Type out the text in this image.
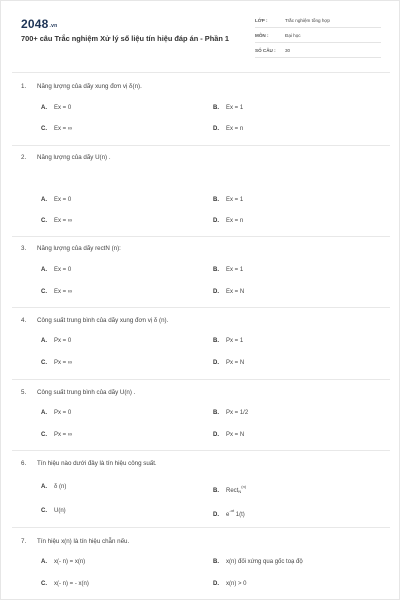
2048.vn
700+ câu Trắc nghiệm Xử lý số liệu tín hiệu đáp án - Phần 1
LỚP :	Trắc nghiệm tổng hợp
MÔN :	Đại học
SỐ CÂU : 30
1. Năng lượng của dãy xung đơn vị δ(n).
A. Ex = 0	B. Ex = 1
C. Ex = ∞	D. Ex = n
2. Năng lượng của dãy U(n) .
A. Ex = 0	B. Ex = 1
C. Ex = ∞	D. Ex = n
3. Năng lượng của dãy rectN (n):
A. Ex = 0	B. Ex = 1
C. Ex = ∞	D. Ex = N
4. Công suất trung bình của dãy xung đơn vị δ (n).
A. Px = 0	B. Px = 1
C. Px = ∞	D. Px = N
5. Công suất trung bình của dãy U(n) .
A. Px = 0	B. Px = 1/2
C. Px = ∞	D. Px = N
6. Tín hiệu nào dưới đây là tín hiệu công suất.
A. δ (n)
B. Rect$_N^{(n)}$
C. U(n)
D. $e^{-\alpha t}$ 1(t)
7. Tín hiệu x(n) là tín hiệu chẵn nếu.
A. x(- n) = x(n)	B. x(n) đối xứng qua gốc toạ độ
C. x(- n) = - x(n)	D. x(n) > 0
